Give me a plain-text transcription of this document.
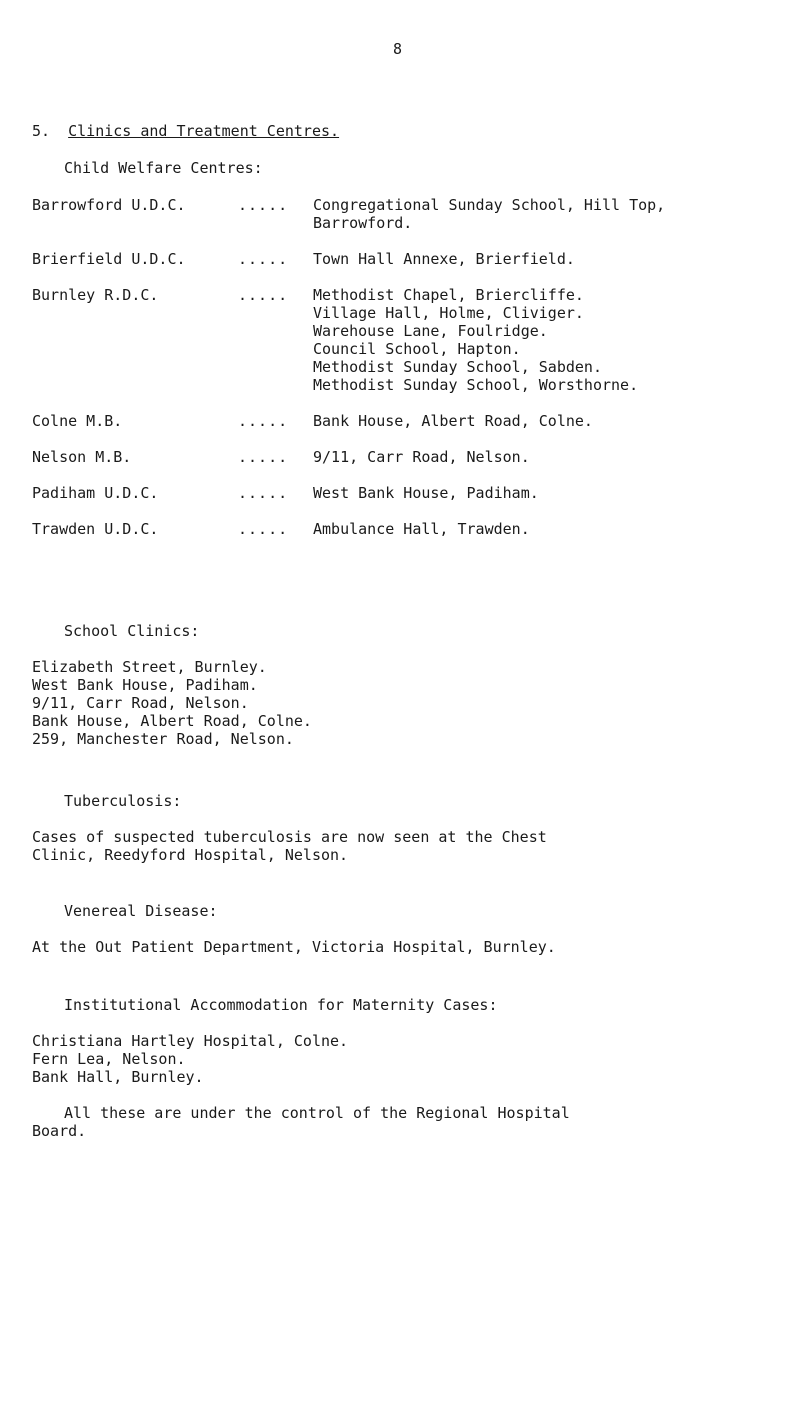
8
5. Clinics and Treatment Centres.
Child Welfare Centres:
Barrowford U.D.C.	..... Congregational Sunday School, Hill Top,
Barrowford.
Brierfield U.D.C.	..... Town Hall Annexe, Brierfield.
Burnley R.D.C.	..... Methodist Chapel, Briercliffe.
Village Hall, Holme, Cliviger.
Warehouse Lane, Foulridge.
Council School, Hapton.
Methodist Sunday School, Sabden.
Methodist Sunday School, Worsthorne.
Colne M.B.	..... Bank House, Albert Road, Colne.
Nelson M.B.	..... 9/11, Carr Road, Nelson.
Padiham U.D.C.	..... West Bank House, Padiham.
Trawden U.D.C.	..... Ambulance Hall, Trawden.
School Clinics:
Elizabeth Street, Burnley.
West Bank House, Padiham.
9/11, Carr Road, Nelson.
Bank House, Albert Road, Colne.
259, Manchester Road, Nelson.
Tuberculosis:
Cases of suspected tuberculosis are now seen at the Chest
Clinic, Reedyford Hospital, Nelson.
Venereal Disease:
At the Out Patient Department, Victoria Hospital, Burnley.
Institutional Accommodation for Maternity Cases:
Christiana Hartley Hospital, Colne.
Fern Lea, Nelson.
Bank Hall, Burnley.
All these are under the control of the Regional Hospital
Board.
